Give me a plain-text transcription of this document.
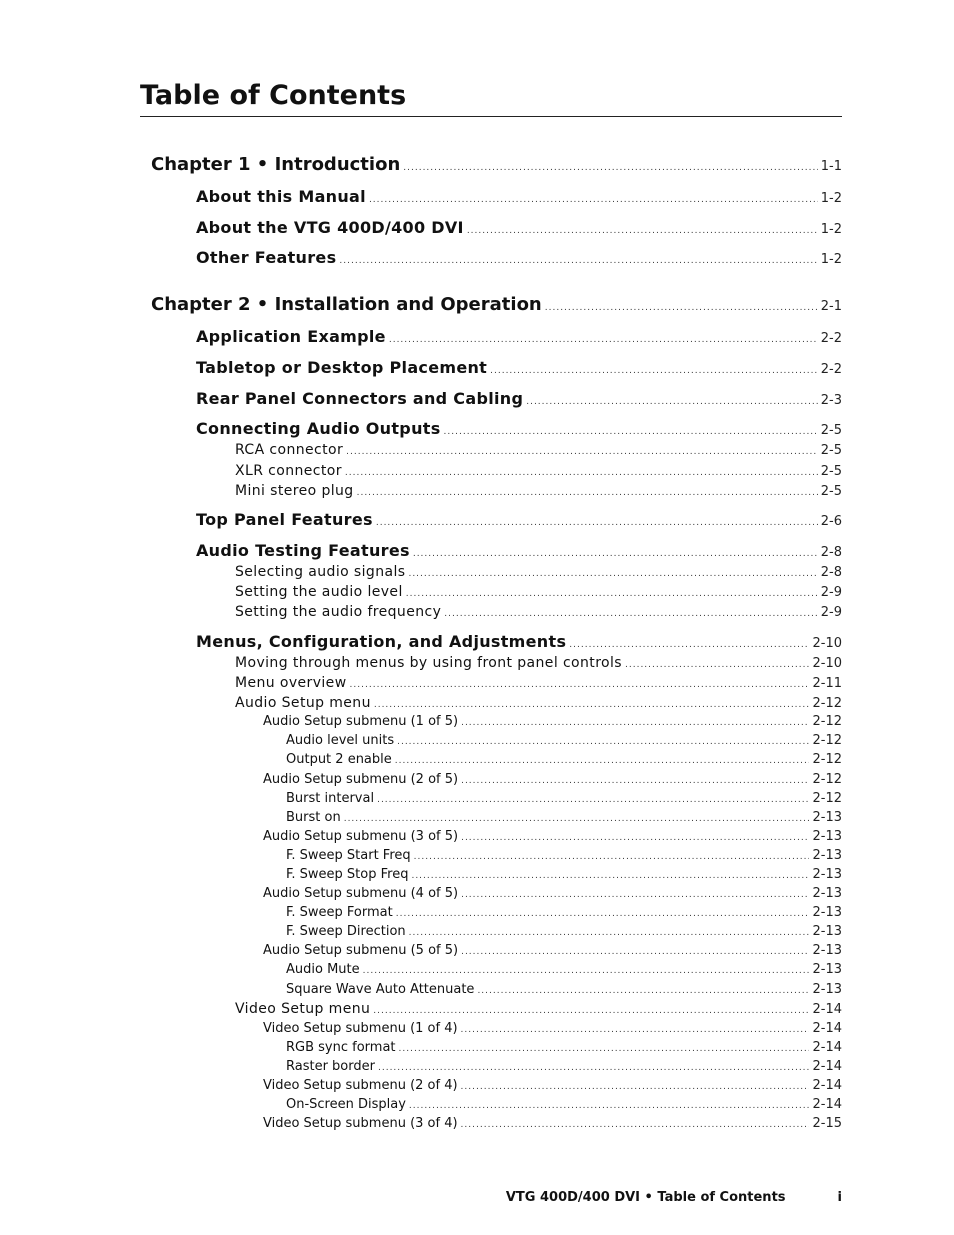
Table of Contents
Chapter 1 • Introduction .....	1-1
About this Manual .....	1-2
About the VTG 400D/400 DVI .....	1-2
Other Features .....	1-2
Chapter 2 • Installation and Operation .....	2-1
Application Example .....	2-2
Tabletop or Desktop Placement .....	2-2
Rear Panel Connectors and Cabling .....	2-3
Connecting Audio Outputs .....	2-5
RCA connector .....	2-5
XLR connector .....	2-5
Mini stereo plug .....	2-5
Top Panel Features .....	2-6
Audio Testing Features .....	2-8
Selecting audio signals .....	2-8
Setting the audio level .....	2-9
Setting the audio frequency .....	2-9
Menus, Configuration, and Adjustments .....	2-10
Moving through menus by using front panel controls .....	2-10
Menu overview .....	2-11
Audio Setup menu .....	2-12
Audio Setup submenu (1 of 5) .....	2-12
Audio level units .....	2-12
Output 2 enable .....	2-12
Audio Setup submenu (2 of 5) .....	2-12
Burst interval .....	2-12
Burst on .....	2-13
Audio Setup submenu (3 of 5) .....	2-13
F. Sweep Start Freq .....	2-13
F. Sweep Stop Freq .....	2-13
Audio Setup submenu (4 of 5) .....	2-13
F. Sweep Format .....	2-13
F. Sweep Direction .....	2-13
Audio Setup submenu (5 of 5) .....	2-13
Audio Mute .....	2-13
Square Wave Auto Attenuate .....	2-13
Video Setup menu .....	2-14
Video Setup submenu (1 of 4) .....	2-14
RGB sync format .....	2-14
Raster border .....	2-14
Video Setup submenu (2 of 4) .....	2-14
On-Screen Display .....	2-14
Video Setup submenu (3 of 4) .....	2-15
VTG 400D/400 DVI • Table of Contents	i
